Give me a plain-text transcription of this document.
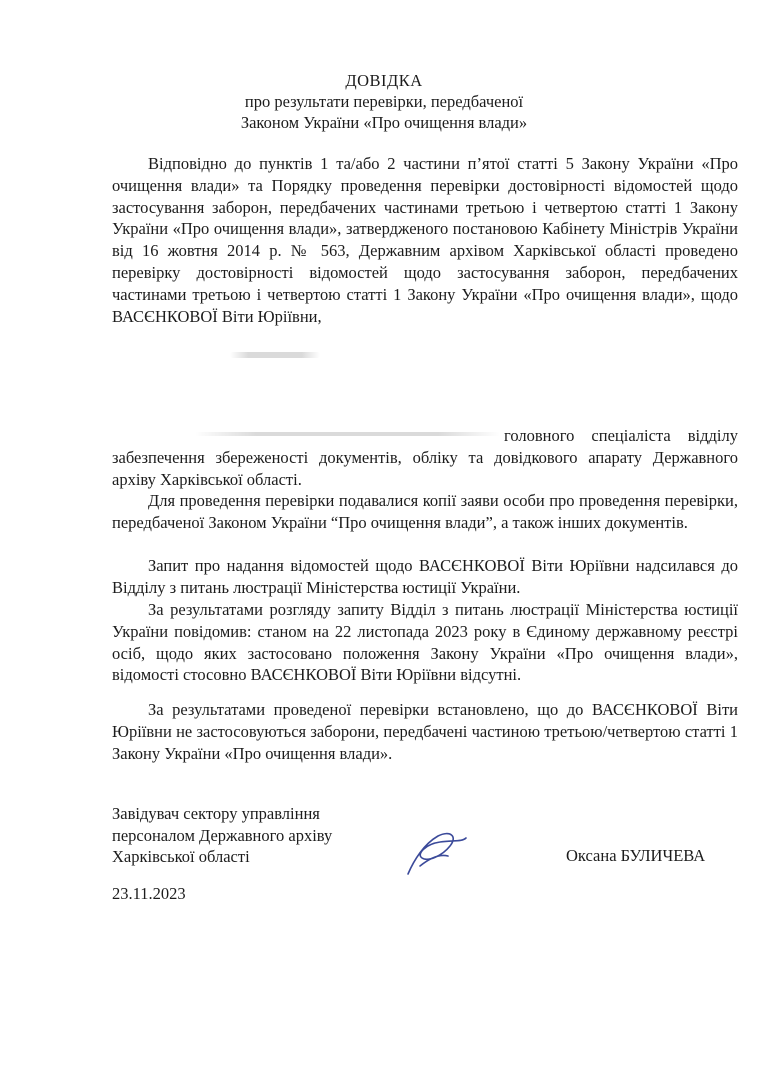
ДОВІДКА
про результати перевірки, передбаченої
Законом України «Про очищення влади»
Відповідно до пунктів 1 та/або 2 частини п’ятої статті 5 Закону України «Про очищення влади» та Порядку проведення перевірки достовірності відомостей щодо застосування заборон, передбачених частинами третьою і четвертою статті 1 Закону України «Про очищення влади», затвердженого постановою Кабінету Міністрів України від 16 жовтня 2014 р. № 563, Державним архівом Харківської області проведено перевірку достовірності відомостей щодо застосування заборон, передбачених частинами третьою і четвертою статті 1 Закону України «Про очищення влади», щодо ВАСЄНКОВОЇ Віти Юріївни,
головного спеціаліста відділу забезпечення збереженості документів, обліку та довідкового апарату Державного архіву Харківської області.
Для проведення перевірки подавалися копії заяви особи про проведення перевірки, передбаченої Законом України “Про очищення влади”, а також інших документів.
Запит про надання відомостей щодо ВАСЄНКОВОЇ Віти Юріївни надсилався до Відділу з питань люстрації Міністерства юстиції України.
За результатами розгляду запиту Відділ з питань люстрації Міністерства юстиції України повідомив: станом на 22 листопада 2023 року в Єдиному державному реєстрі осіб, щодо яких застосовано положення Закону України «Про очищення влади», відомості стосовно ВАСЄНКОВОЇ Віти Юріївни відсутні.
За результатами проведеної перевірки встановлено, що до ВАСЄНКОВОЇ Віти Юріївни не застосовуються заборони, передбачені частиною третьою/четвертою статті 1 Закону України «Про очищення влади».
Завідувач сектору управління
персоналом Державного архіву
Харківської області	Оксана БУЛИЧЕВА
23.11.2023
